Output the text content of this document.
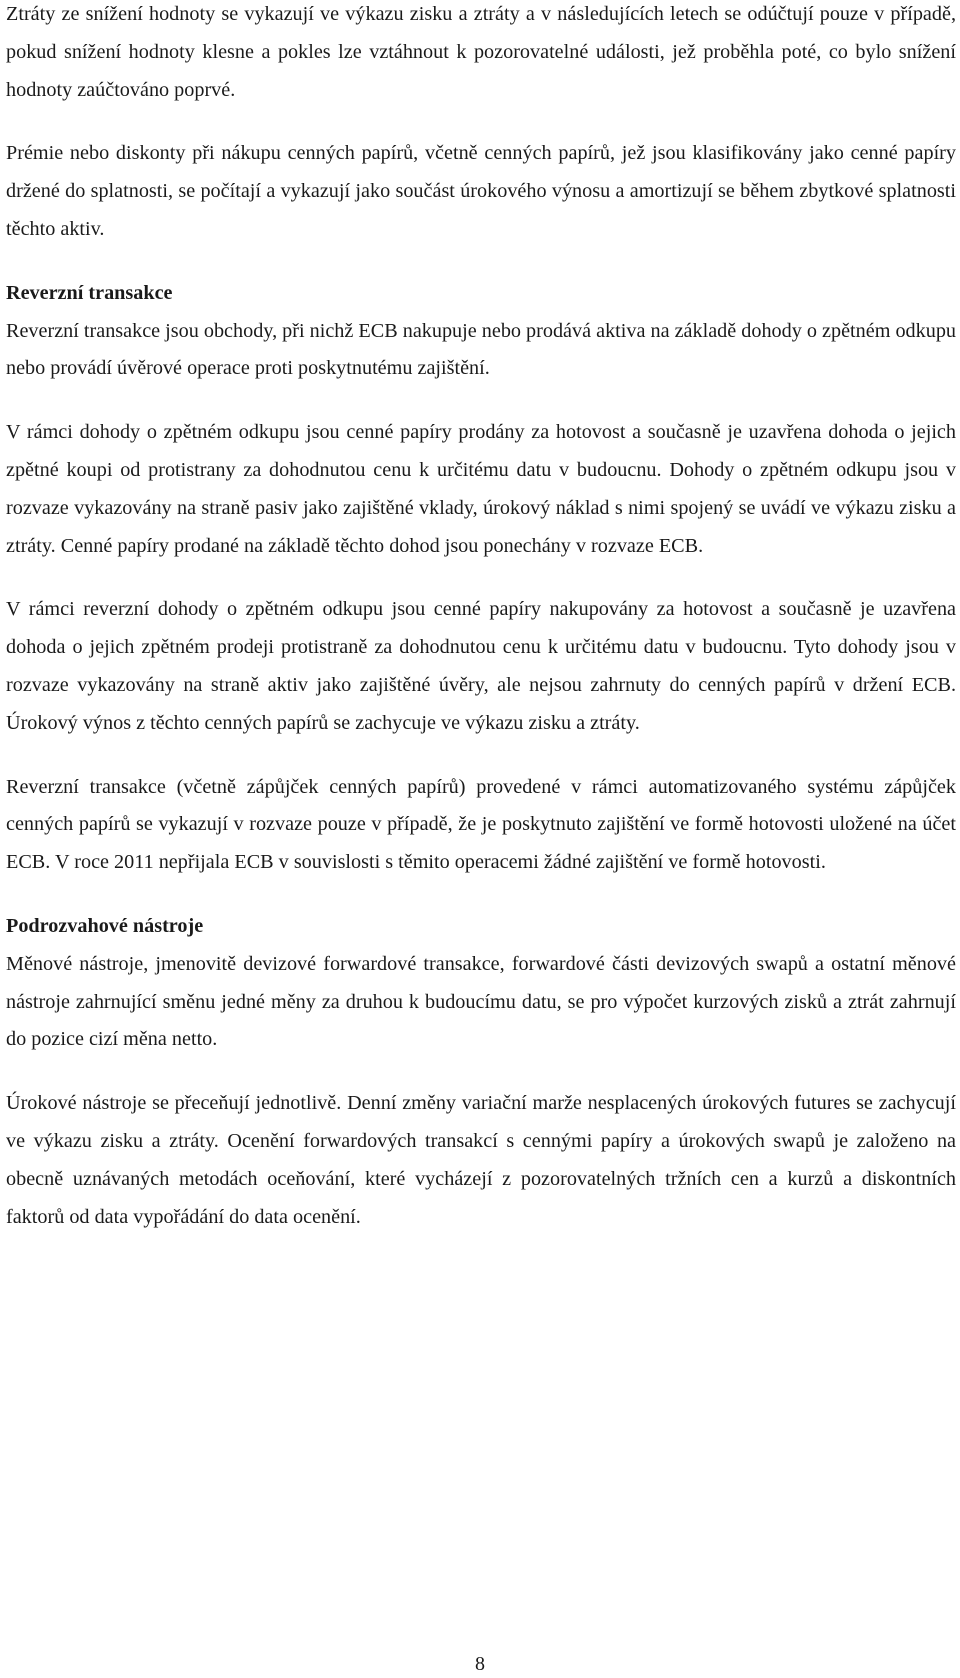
Ztráty ze snížení hodnoty se vykazují ve výkazu zisku a ztráty a v následujících letech se odúčtují pouze v případě, pokud snížení hodnoty klesne a pokles lze vztáhnout k pozorovatelné události, jež proběhla poté, co bylo snížení hodnoty zaúčtováno poprvé.

Prémie nebo diskonty při nákupu cenných papírů, včetně cenných papírů, jež jsou klasifikovány jako cenné papíry držené do splatnosti, se počítají a vykazují jako součást úrokového výnosu a amortizují se během zbytkové splatnosti těchto aktiv.

Reverzní transakce

Reverzní transakce jsou obchody, při nichž ECB nakupuje nebo prodává aktiva na základě dohody o zpětném odkupu nebo provádí úvěrové operace proti poskytnutému zajištění.

V rámci dohody o zpětném odkupu jsou cenné papíry prodány za hotovost a současně je uzavřena dohoda o jejich zpětné koupi od protistrany za dohodnutou cenu k určitému datu v budoucnu. Dohody o zpětném odkupu jsou v rozvaze vykazovány na straně pasiv jako zajištěné vklady, úrokový náklad s nimi spojený se uvádí ve výkazu zisku a ztráty. Cenné papíry prodané na základě těchto dohod jsou ponechány v rozvaze ECB.

V rámci reverzní dohody o zpětném odkupu jsou cenné papíry nakupovány za hotovost a současně je uzavřena dohoda o jejich zpětném prodeji protistraně za dohodnutou cenu k určitému datu v budoucnu. Tyto dohody jsou v rozvaze vykazovány na straně aktiv jako zajištěné úvěry, ale nejsou zahrnuty do cenných papírů v držení ECB. Úrokový výnos z těchto cenných papírů se zachycuje ve výkazu zisku a ztráty.

Reverzní transakce (včetně zápůjček cenných papírů) provedené v rámci automatizovaného systému zápůjček cenných papírů se vykazují v rozvaze pouze v případě, že je poskytnuto zajištění ve formě hotovosti uložené na účet ECB. V roce 2011 nepřijala ECB v souvislosti s těmito operacemi žádné zajištění ve formě hotovosti.

Podrozvahové nástroje

Měnové nástroje, jmenovitě devizové forwardové transakce, forwardové části devizových swapů a ostatní měnové nástroje zahrnující směnu jedné měny za druhou k budoucímu datu, se pro výpočet kurzových zisků a ztrát zahrnují do pozice cizí měna netto.

Úrokové nástroje se přeceňují jednotlivě. Denní změny variační marže nesplacených úrokových futures se zachycují ve výkazu zisku a ztráty. Ocenění forwardových transakcí s cennými papíry a úrokových swapů je založeno na obecně uznávaných metodách oceňování, které vycházejí z pozorovatelných tržních cen a kurzů a diskontních faktorů od data vypořádání do data ocenění.

8
